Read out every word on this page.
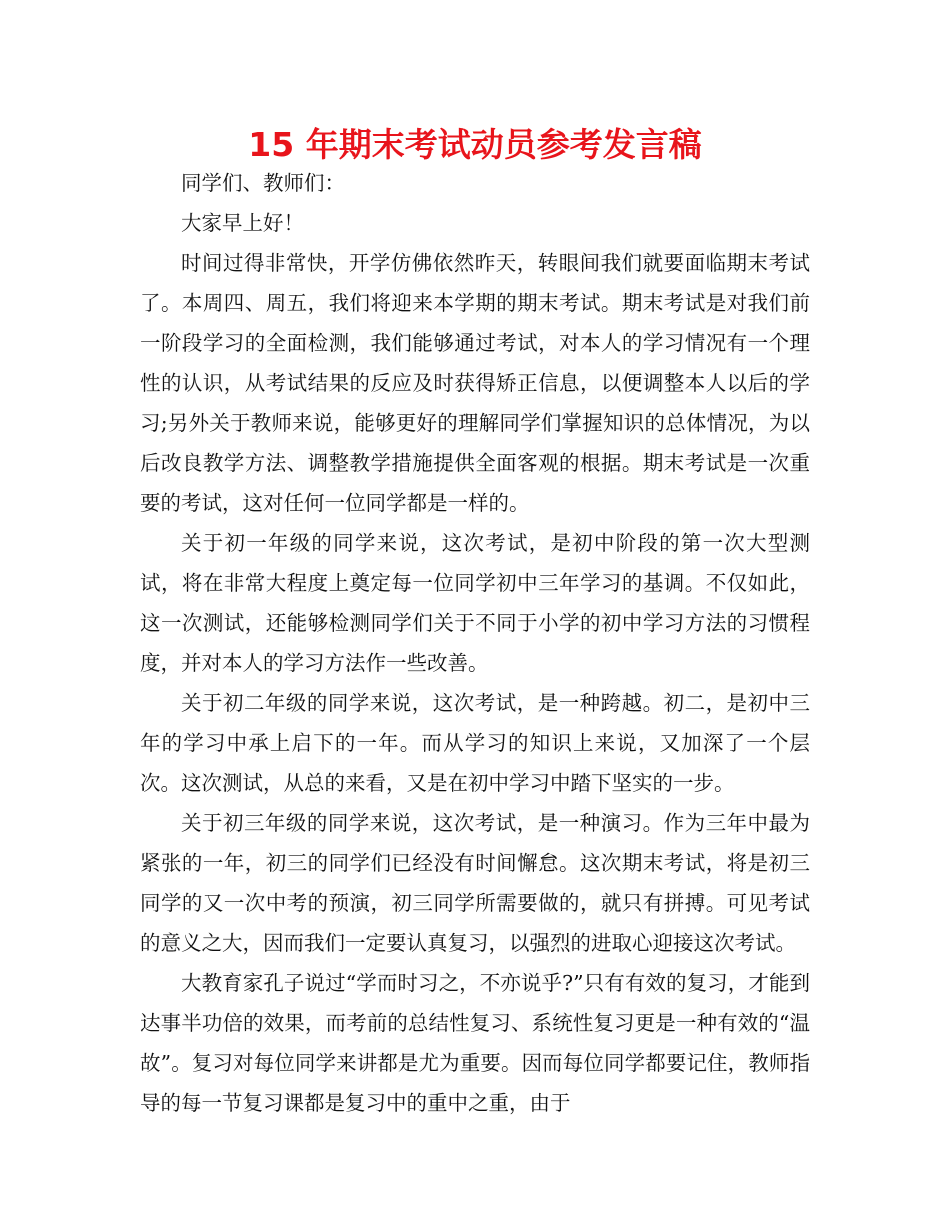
15 年期末考试动员参考发言稿

同学们、教师们：

大家早上好！

时间过得非常快，开学仿佛依然昨天，转眼间我们就要面临期末考试了。本周四、周五，我们将迎来本学期的期末考试。期末考试是对我们前一阶段学习的全面检测，我们能够通过考试，对本人的学习情况有一个理性的认识，从考试结果的反应及时获得矫正信息，以便调整本人以后的学习;另外关于教师来说，能够更好的理解同学们掌握知识的总体情况，为以后改良教学方法、调整教学措施提供全面客观的根据。期末考试是一次重要的考试，这对任何一位同学都是一样的。

关于初一年级的同学来说，这次考试，是初中阶段的第一次大型测试，将在非常大程度上奠定每一位同学初中三年学习的基调。不仅如此，这一次测试，还能够检测同学们关于不同于小学的初中学习方法的习惯程度，并对本人的学习方法作一些改善。

关于初二年级的同学来说，这次考试，是一种跨越。初二，是初中三年的学习中承上启下的一年。而从学习的知识上来说，又加深了一个层次。这次测试，从总的来看，又是在初中学习中踏下坚实的一步。

关于初三年级的同学来说，这次考试，是一种演习。作为三年中最为紧张的一年，初三的同学们已经没有时间懈怠。这次期末考试，将是初三同学的又一次中考的预演，初三同学所需要做的，就只有拼搏。可见考试的意义之大，因而我们一定要认真复习，以强烈的进取心迎接这次考试。

大教育家孔子说过“学而时习之，不亦说乎?”只有有效的复习，才能到达事半功倍的效果，而考前的总结性复习、系统性复习更是一种有效的“温故”。复习对每位同学来讲都是尤为重要。因而每位同学都要记住，教师指导的每一节复习课都是复习中的重中之重，由于
